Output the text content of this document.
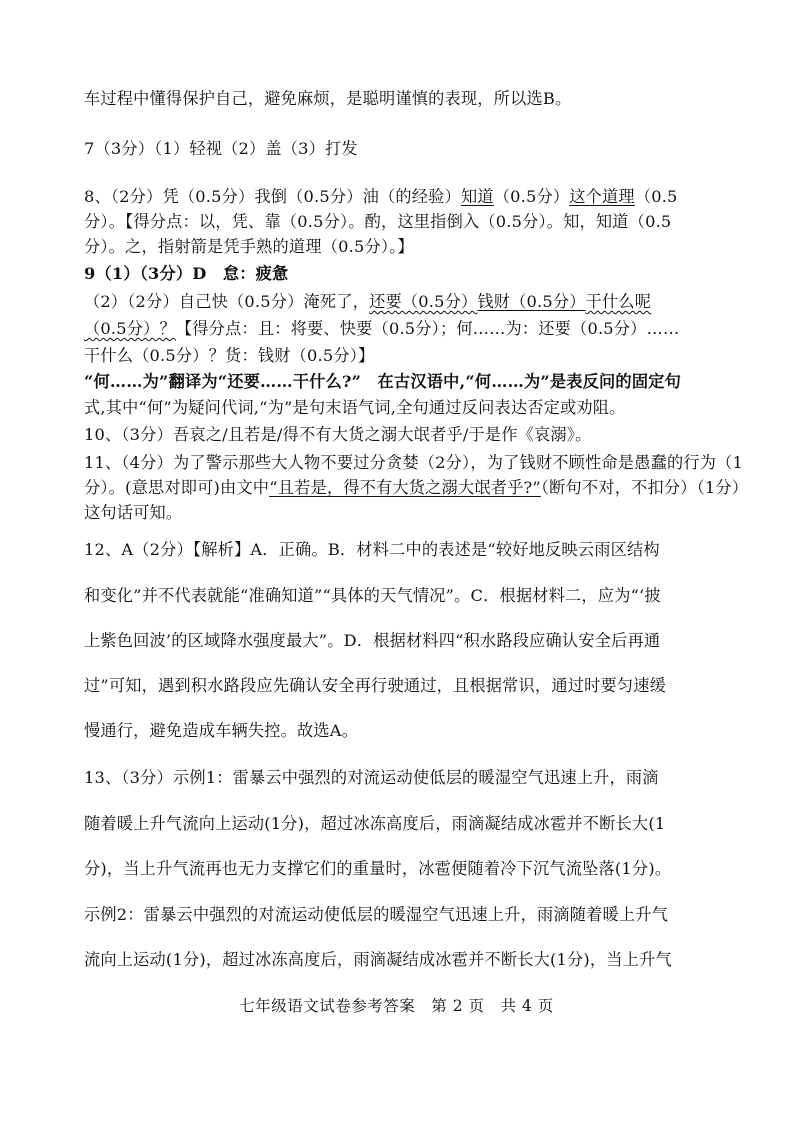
车过程中懂得保护自己，避免麻烦，是聪明谨慎的表现，所以选B。
7（3分）（1）轻视（2）盖（3）打发
8、（2分）凭（0.5分）我倒（0.5分）油（的经验）知道（0.5分）这个道理（0.5
分）。【得分点：以，凭、靠（0.5分）。酌，这里指倒入（0.5分）。知，知道（0.5
分）。之，指射箭是凭手熟的道理（0.5分）。】
9（1）（3分）D　怠：疲惫
（2）（2分）自己快（0.5分）淹死了，还要（0.5分）钱财（0.5分）干什么呢
（0.5分）？【得分点：且：将要、快要（0.5分）；何……为：还要（0.5分）……
干什么（0.5分）？货：钱财（0.5分）】
“何……为”翻译为“还要……干什么?”　在古汉语中,“何……为”是表反问的固定句
式,其中“何”为疑问代词,“为”是句末语气词,全句通过反问表达否定或劝阻。
10、（3分）吾哀之/且若是/得不有大货之溺大氓者乎/于是作《哀溺》。
11、（4分）为了警示那些大人物不要过分贪婪（2分），为了钱财不顾性命是愚蠢的行为（1
分）。(意思对即可)由文中“且若是，得不有大货之溺大氓者乎?”（断句不对，不扣分）（1分）
这句话可知。
12、A（2分）【解析】A．正确。B．材料二中的表述是“较好地反映云雨区结构
和变化”并不代表就能“准确知道”“具体的天气情况”。C．根据材料二，应为“‘披
上紫色回波’的区域降水强度最大”。D．根据材料四“积水路段应确认安全后再通
过”可知，遇到积水路段应先确认安全再行驶通过，且根据常识，通过时要匀速缓
慢通行，避免造成车辆失控。故选A。
13、（3分）示例1：雷暴云中强烈的对流运动使低层的暖湿空气迅速上升，雨滴
随着暖上升气流向上运动(1分)，超过冰冻高度后，雨滴凝结成冰雹并不断长大(1
分)，当上升气流再也无力支撑它们的重量时，冰雹便随着冷下沉气流坠落(1分)。
示例2：雷暴云中强烈的对流运动使低层的暖湿空气迅速上升，雨滴随着暖上升气
流向上运动(1分)，超过冰冻高度后，雨滴凝结成冰雹并不断长大(1分)，当上升气
七年级语文试卷参考答案　第 2 页　共 4 页
